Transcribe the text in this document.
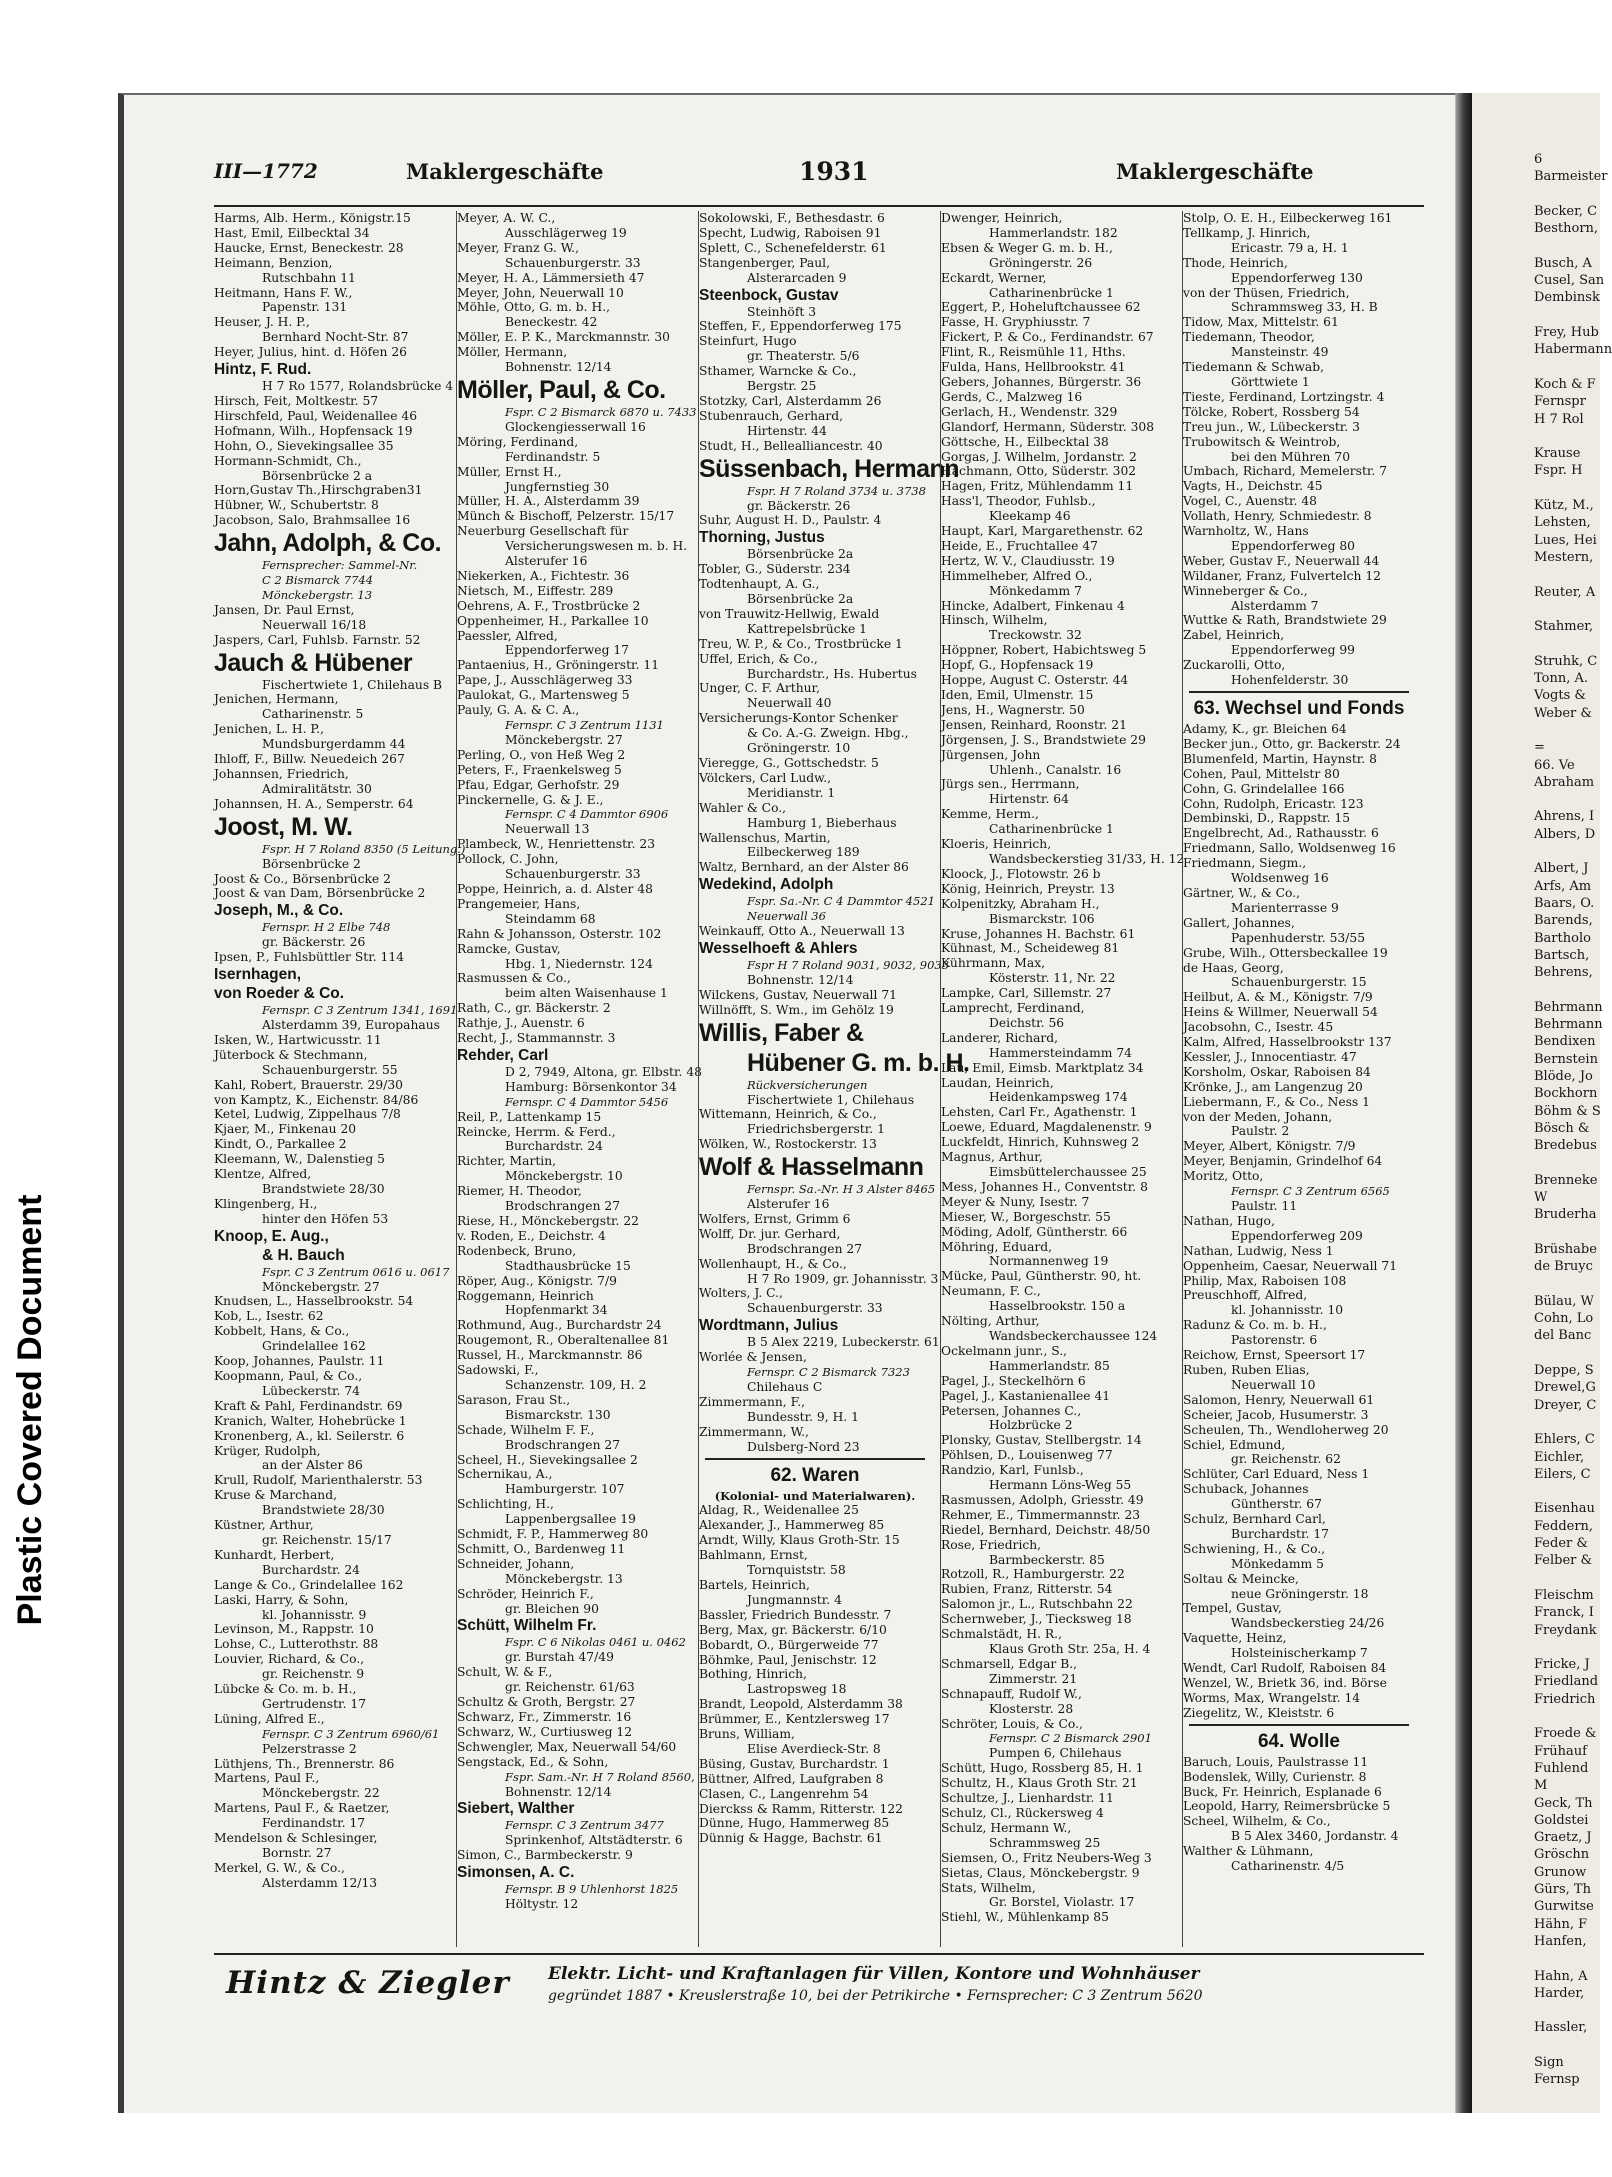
Plastic Covered Document
III—1772	Maklergeschäfte	1931	Maklergeschäfte
Harms, Alb. Herm., Königstr.15
Hast, Emil, Eilbecktal 34
Haucke, Ernst, Beneckestr. 28
Heimann, Benzion,
Rutschbahn 11
Heitmann, Hans F. W.,
Papenstr. 131
Heuser, J. H. P.,
Bernhard Nocht-Str. 87
Heyer, Julius, hint. d. Höfen 26
Hintz, F. Rud.
H 7 Ro 1577, Rolandsbrücke 4
Hirsch, Feit, Moltkestr. 57
Hirschfeld, Paul, Weidenallee 46
Hofmann, Wilh., Hopfensack 19
Hohn, O., Sievekingsallee 35
Hormann-Schmidt, Ch.,
Börsenbrücke 2 a
Horn,Gustav Th.,Hirschgraben31
Hübner, W., Schubertstr. 8
Jacobson, Salo, Brahmsallee 16
Jahn, Adolph, & Co.
Fernsprecher: Sammel-Nr.
C 2 Bismarck 7744
Mönckebergstr. 13
Jansen, Dr. Paul Ernst,
Neuerwall 16/18
Jaspers, Carl, Fuhlsb. Farnstr. 52
Jauch & Hübener
Fischertwiete 1, Chilehaus B
Jenichen, Hermann,
Catharinenstr. 5
Jenichen, L. H. P.,
Mundsburgerdamm 44
Ihloff, F., Billw. Neuedeich 267
Johannsen, Friedrich,
Admiralitätstr. 30
Johannsen, H. A., Semperstr. 64
Joost, M. W.
Fspr. H 7 Roland 8350 (5 Leitung.)
Börsenbrücke 2
Joost & Co., Börsenbrücke 2
Joost & van Dam, Börsenbrücke 2
Joseph, M., & Co.
Fernspr. H 2 Elbe 748
gr. Bäckerstr. 26
Ipsen, P., Fuhlsbüttler Str. 114
Isernhagen,
von Roeder & Co.
Fernspr. C 3 Zentrum 1341, 1691
Alsterdamm 39, Europahaus
Isken, W., Hartwicusstr. 11
Jüterbock & Stechmann,
Schauenburgerstr. 55
Kahl, Robert, Brauerstr. 29/30
von Kamptz, K., Eichenstr. 84/86
Ketel, Ludwig, Zippelhaus 7/8
Kjaer, M., Finkenau 20
Kindt, O., Parkallee 2
Kleemann, W., Dalenstieg 5
Klentze, Alfred,
Brandstwiete 28/30
Klingenberg, H.,
hinter den Höfen 53
Knoop, E. Aug.,
& H. Bauch
Fspr. C 3 Zentrum 0616 u. 0617
Mönckebergstr. 27
Knudsen, L., Hasselbrookstr. 54
Kob, L., Isestr. 62
Kobbelt, Hans, & Co.,
Grindelallee 162
Koop, Johannes, Paulstr. 11
Koopmann, Paul, & Co.,
Lübeckerstr. 74
Kraft & Pahl, Ferdinandstr. 69
Kranich, Walter, Hohebrücke 1
Kronenberg, A., kl. Seilerstr. 6
Krüger, Rudolph,
an der Alster 86
Krull, Rudolf, Marienthalerstr. 53
Kruse & Marchand,
Brandstwiete 28/30
Küstner, Arthur,
gr. Reichenstr. 15/17
Kunhardt, Herbert,
Burchardstr. 24
Lange & Co., Grindelallee 162
Laski, Harry, & Sohn,
kl. Johannisstr. 9
Levinson, M., Rappstr. 10
Lohse, C., Lutterothstr. 88
Louvier, Richard, & Co.,
gr. Reichenstr. 9
Lübcke & Co. m. b. H.,
Gertrudenstr. 17
Lüning, Alfred E.,
Fernspr. C 3 Zentrum 6960/61
Pelzerstrasse 2
Lüthjens, Th., Brennerstr. 86
Martens, Paul F.,
Mönckebergstr. 22
Martens, Paul F., & Raetzer,
Ferdinandstr. 17
Mendelson & Schlesinger,
Bornstr. 27
Merkel, G. W., & Co.,
Alsterdamm 12/13
Meyer, A. W. C.,
Ausschlägerweg 19
Meyer, Franz G. W.,
Schauenburgerstr. 33
Meyer, H. A., Lämmersieth 47
Meyer, John, Neuerwall 10
Möhle, Otto, G. m. b. H.,
Beneckestr. 42
Möller, E. P. K., Marckmannstr. 30
Möller, Hermann,
Bohnenstr. 12/14
Möller, Paul, & Co.
Fspr. C 2 Bismarck 6870 u. 7433
Glockengiesserwall 16
Möring, Ferdinand,
Ferdinandstr. 5
Müller, Ernst H.,
Jungfernstieg 30
Müller, H. A., Alsterdamm 39
Münch & Bischoff, Pelzerstr. 15/17
Neuerburg Gesellschaft für
Versicherungswesen m. b. H.
Alsterufer 16
Niekerken, A., Fichtestr. 36
Nietsch, M., Eiffestr. 289
Oehrens, A. F., Trostbrücke 2
Oppenheimer, H., Parkallee 10
Paessler, Alfred,
Eppendorferweg 17
Pantaenius, H., Gröningerstr. 11
Pape, J., Ausschlägerweg 33
Paulokat, G., Martensweg 5
Pauly, G. A. & C. A.,
Fernspr. C 3 Zentrum 1131
Mönckebergstr. 27
Perling, O., von Heß Weg 2
Peters, F., Fraenkelsweg 5
Pfau, Edgar, Gerhofstr. 29
Pinckernelle, G. & J. E.,
Fernspr. C 4 Dammtor 6906
Neuerwall 13
Plambeck, W., Henriettenstr. 23
Pollock, C. John,
Schauenburgerstr. 33
Poppe, Heinrich, a. d. Alster 48
Prangemeier, Hans,
Steindamm 68
Rahn & Johansson, Osterstr. 102
Ramcke, Gustav,
Hbg. 1, Niedernstr. 124
Rasmussen & Co.,
beim alten Waisenhause 1
Rath, C., gr. Bäckerstr. 2
Rathje, J., Auenstr. 6
Recht, J., Stammannstr. 3
Rehder, Carl
D 2, 7949, Altona, gr. Elbstr. 48
Hamburg: Börsenkontor 34
Fernspr. C 4 Dammtor 5456
Reil, P., Lattenkamp 15
Reincke, Herrm. & Ferd.,
Burchardstr. 24
Richter, Martin,
Mönckebergstr. 10
Riemer, H. Theodor,
Brodschrangen 27
Riese, H., Mönckebergstr. 22
v. Roden, E., Deichstr. 4
Rodenbeck, Bruno,
Stadthausbrücke 15
Röper, Aug., Königstr. 7/9
Roggemann, Heinrich
Hopfenmarkt 34
Rothmund, Aug., Burchardstr 24
Rougemont, R., Oberaltenallee 81
Russel, H., Marckmannstr. 86
Sadowski, F.,
Schanzenstr. 109, H. 2
Sarason, Frau St.,
Bismarckstr. 130
Schade, Wilhelm F. F.,
Brodschrangen 27
Scheel, H., Sievekingsallee 2
Schernikau, A.,
Hamburgerstr. 107
Schlichting, H.,
Lappenbergsallee 19
Schmidt, F. P., Hammerweg 80
Schmitt, O., Bardenweg 11
Schneider, Johann,
Mönckebergstr. 13
Schröder, Heinrich F.,
gr. Bleichen 90
Schütt, Wilhelm Fr.
Fspr. C 6 Nikolas 0461 u. 0462
gr. Burstah 47/49
Schult, W. & F.,
gr. Reichenstr. 61/63
Schultz & Groth, Bergstr. 27
Schwarz, Fr., Zimmerstr. 16
Schwarz, W., Curtiusweg 12
Schwengler, Max, Neuerwall 54/60
Sengstack, Ed., & Sohn,
Fspr. Sam.-Nr. H 7 Roland 8560,
Bohnenstr. 12/14
Siebert, Walther
Fernspr. C 3 Zentrum 3477
Sprinkenhof, Altstädterstr. 6
Simon, C., Barmbeckerstr. 9
Simonsen, A. C.
Fernspr. B 9 Uhlenhorst 1825
Höltystr. 12
Sokolowski, F., Bethesdastr. 6
Specht, Ludwig, Raboisen 91
Splett, C., Schenefelderstr. 61
Stangenberger, Paul,
Alsterarcaden 9
Steenbock, Gustav
Steinhöft 3
Steffen, F., Eppendorferweg 175
Steinfurt, Hugo
gr. Theaterstr. 5/6
Sthamer, Warncke & Co.,
Bergstr. 25
Stotzky, Carl, Alsterdamm 26
Stubenrauch, Gerhard,
Hirtenstr. 44
Studt, H., Bellealliancestr. 40
Süssenbach, Hermann
Fspr. H 7 Roland 3734 u. 3738
gr. Bäckerstr. 26
Suhr, August H. D., Paulstr. 4
Thorning, Justus
Börsenbrücke 2a
Tobler, G., Süderstr. 234
Todtenhaupt, A. G.,
Börsenbrücke 2a
von Trauwitz-Hellwig, Ewald
Kattrepelsbrücke 1
Treu, W. P., & Co., Trostbrücke 1
Uffel, Erich, & Co.,
Burchardstr., Hs. Hubertus
Unger, C. F. Arthur,
Neuerwall 40
Versicherungs-Kontor Schenker
& Co. A.-G. Zweign. Hbg.,
Gröningerstr. 10
Vieregge, G., Gottschedstr. 5
Völckers, Carl Ludw.,
Meridianstr. 1
Wahler & Co.,
Hamburg 1, Bieberhaus
Wallenschus, Martin,
Eilbeckerweg 189
Waltz, Bernhard, an der Alster 86
Wedekind, Adolph
Fspr. Sa.-Nr. C 4 Dammtor 4521
Neuerwall 36
Weinkauff, Otto A., Neuerwall 13
Wesselhoeft & Ahlers
Fspr H 7 Roland 9031, 9032, 9033
Bohnenstr. 12/14
Wilckens, Gustav, Neuerwall 71
Willnöfft, S. Wm., im Gehölz 19
Willis, Faber &
Hübener G. m. b. H.
Rückversicherungen
Fischertwiete 1, Chilehaus
Wittemann, Heinrich, & Co.,
Friedrichsbergerstr. 1
Wölken, W., Rostockerstr. 13
Wolf & Hasselmann
Fernspr. Sa.-Nr. H 3 Alster 8465
Alsterufer 16
Wolfers, Ernst, Grimm 6
Wolff, Dr. jur. Gerhard,
Brodschrangen 27
Wollenhaupt, H., & Co.,
H 7 Ro 1909, gr. Johannisstr. 3
Wolters, J. C.,
Schauenburgerstr. 33
Wordtmann, Julius
B 5 Alex 2219, Lubeckerstr. 61
Worlée & Jensen,
Fernspr. C 2 Bismarck 7323
Chilehaus C
Zimmermann, F.,
Bundesstr. 9, H. 1
Zimmermann, W.,
Dulsberg-Nord 23
62. Waren
(Kolonial- und Materialwaren).
Aldag, R., Weidenallee 25
Alexander, J., Hammerweg 85
Arndt, Willy, Klaus Groth-Str. 15
Bahlmann, Ernst,
Tornquiststr. 58
Bartels, Heinrich,
Jungmannstr. 4
Bassler, Friedrich Bundesstr. 7
Berg, Max, gr. Bäckerstr. 6/10
Bobardt, O., Bürgerweide 77
Böhmke, Paul, Jenischstr. 12
Bothing, Hinrich,
Lastropsweg 18
Brandt, Leopold, Alsterdamm 38
Brümmer, E., Kentzlersweg 17
Bruns, William,
Elise Averdieck-Str. 8
Büsing, Gustav, Burchardstr. 1
Büttner, Alfred, Laufgraben 8
Clasen, C., Langenrehm 54
Dierckss & Ramm, Ritterstr. 122
Dünne, Hugo, Hammerweg 85
Dünnig & Hagge, Bachstr. 61
Dwenger, Heinrich,
Hammerlandstr. 182
Ebsen & Weger G. m. b. H.,
Gröningerstr. 26
Eckardt, Werner,
Catharinenbrücke 1
Eggert, P., Hoheluftchaussee 62
Fasse, H. Gryphiusstr. 7
Fickert, P. & Co., Ferdinandstr. 67
Flint, R., Reismühle 11, Hths.
Fulda, Hans, Hellbrookstr. 41
Gebers, Johannes, Bürgerstr. 36
Gerds, C., Malzweg 16
Gerlach, H., Wendenstr. 329
Glandorf, Hermann, Süderstr. 308
Göttsche, H., Eilbecktal 38
Gorgas, J. Wilhelm, Jordanstr. 2
Hachmann, Otto, Süderstr. 302
Hagen, Fritz, Mühlendamm 11
Hass'l, Theodor, Fuhlsb.,
Kleekamp 46
Haupt, Karl, Margarethenstr. 62
Heide, E., Fruchtallee 47
Hertz, W. V., Claudiusstr. 19
Himmelheber, Alfred O.,
Mönkedamm 7
Hincke, Adalbert, Finkenau 4
Hinsch, Wilhelm,
Treckowstr. 32
Höppner, Robert, Habichtsweg 5
Hopf, G., Hopfensack 19
Hoppe, August C. Osterstr. 44
Iden, Emil, Ulmenstr. 15
Jens, H., Wagnerstr. 50
Jensen, Reinhard, Roonstr. 21
Jörgensen, J. S., Brandstwiete 29
Jürgensen, John
Uhlenh., Canalstr. 16
Jürgs sen., Herrmann,
Hirtenstr. 64
Kemme, Herm.,
Catharinenbrücke 1
Kloeris, Heinrich,
Wandsbeckerstieg 31/33, H. 12
Kloock, J., Flotowstr. 26 b
König, Heinrich, Preystr. 13
Kolpenitzky, Abraham H.,
Bismarckstr. 106
Kruse, Johannes H. Bachstr. 61
Kühnast, M., Scheideweg 81
Kührmann, Max,
Kösterstr. 11, Nr. 22
Lampke, Carl, Sillemstr. 27
Lamprecht, Ferdinand,
Deichstr. 56
Landerer, Richard,
Hammersteindamm 74
Lau, Emil, Eimsb. Marktplatz 34
Laudan, Heinrich,
Heidenkampsweg 174
Lehsten, Carl Fr., Agathenstr. 1
Loewe, Eduard, Magdalenenstr. 9
Luckfeldt, Hinrich, Kuhnsweg 2
Magnus, Arthur,
Eimsbüttelerchaussee 25
Mess, Johannes H., Conventstr. 8
Meyer & Nuny, Isestr. 7
Mieser, W., Borgeschstr. 55
Möding, Adolf, Güntherstr. 66
Möhring, Eduard,
Normannenweg 19
Mücke, Paul, Güntherstr. 90, ht.
Neumann, F. C.,
Hasselbrookstr. 150 a
Nölting, Arthur,
Wandsbeckerchaussee 124
Ockelmann junr., S.,
Hammerlandstr. 85
Pagel, J., Steckelhörn 6
Pagel, J., Kastanienallee 41
Petersen, Johannes C.,
Holzbrücke 2
Plonsky, Gustav, Stellbergstr. 14
Pöhlsen, D., Louisenweg 77
Randzio, Karl, Funlsb.,
Hermann Löns-Weg 55
Rasmussen, Adolph, Griesstr. 49
Rehmer, E., Timmermannstr. 23
Riedel, Bernhard, Deichstr. 48/50
Rose, Friedrich,
Barmbeckerstr. 85
Rotzoll, R., Hamburgerstr. 22
Rubien, Franz, Ritterstr. 54
Salomon jr., L., Rutschbahn 22
Schernweber, J., Tiecksweg 18
Schmalstädt, H. R.,
Klaus Groth Str. 25a, H. 4
Schmarsell, Edgar B.,
Zimmerstr. 21
Schnapauff, Rudolf W.,
Klosterstr. 28
Schröter, Louis, & Co.,
Fernspr. C 2 Bismarck 2901
Pumpen 6, Chilehaus
Schütt, Hugo, Rossberg 85, H. 1
Schultz, H., Klaus Groth Str. 21
Schultze, J., Lienhardstr. 11
Schulz, Cl., Rückersweg 4
Schulz, Hermann W.,
Schrammsweg 25
Siemsen, O., Fritz Neubers-Weg 3
Sietas, Claus, Mönckebergstr. 9
Stats, Wilhelm,
Gr. Borstel, Violastr. 17
Stiehl, W., Mühlenkamp 85
Stolp, O. E. H., Eilbeckerweg 161
Tellkamp, J. Hinrich,
Ericastr. 79 a, H. 1
Thode, Heinrich,
Eppendorferweg 130
von der Thüsen, Friedrich,
Schrammsweg 33, H. B
Tidow, Max, Mittelstr. 61
Tiedemann, Theodor,
Mansteinstr. 49
Tiedemann & Schwab,
Görttwiete 1
Tieste, Ferdinand, Lortzingstr. 4
Tölcke, Robert, Rossberg 54
Treu jun., W., Lübeckerstr. 3
Trubowitsch & Weintrob,
bei den Mühren 70
Umbach, Richard, Memelerstr. 7
Vagts, H., Deichstr. 45
Vogel, C., Auenstr. 48
Vollath, Henry, Schmiedestr. 8
Warnholtz, W., Hans
Eppendorferweg 80
Weber, Gustav F., Neuerwall 44
Wildaner, Franz, Fulvertelch 12
Winneberger & Co.,
Alsterdamm 7
Wuttke & Rath, Brandstwiete 29
Zabel, Heinrich,
Eppendorferweg 99
Zuckarolli, Otto,
Hohenfelderstr. 30
63. Wechsel und Fonds
Adamy, K., gr. Bleichen 64
Becker jun., Otto, gr. Backerstr. 24
Blumenfeld, Martin, Haynstr. 8
Cohen, Paul, Mittelstr 80
Cohn, G. Grindelallee 166
Cohn, Rudolph, Ericastr. 123
Dembinski, D., Rappstr. 15
Engelbrecht, Ad., Rathausstr. 6
Friedmann, Sallo, Woldsenweg 16
Friedmann, Siegm.,
Woldsenweg 16
Gärtner, W., & Co.,
Marienterrasse 9
Gallert, Johannes,
Papenhuderstr. 53/55
Grube, Wilh., Ottersbeckallee 19
de Haas, Georg,
Schauenburgerstr. 15
Heilbut, A. & M., Königstr. 7/9
Heins & Willmer, Neuerwall 54
Jacobsohn, C., Isestr. 45
Kalm, Alfred, Hasselbrookstr 137
Kessler, J., Innocentiastr. 47
Korsholm, Oskar, Raboisen 84
Krönke, J., am Langenzug 20
Liebermann, F., & Co., Ness 1
von der Meden, Johann,
Paulstr. 2
Meyer, Albert, Königstr. 7/9
Meyer, Benjamin, Grindelhof 64
Moritz, Otto,
Fernspr. C 3 Zentrum 6565
Paulstr. 11
Nathan, Hugo,
Eppendorferweg 209
Nathan, Ludwig, Ness 1
Oppenheim, Caesar, Neuerwall 71
Philip, Max, Raboisen 108
Preuschhoff, Alfred,
kl. Johannisstr. 10
Radunz & Co. m. b. H.,
Pastorenstr. 6
Reichow, Ernst, Speersort 17
Ruben, Ruben Elias,
Neuerwall 10
Salomon, Henry, Neuerwall 61
Scheier, Jacob, Husumerstr. 3
Scheulen, Th., Wendloherweg 20
Schiel, Edmund,
gr. Reichenstr. 62
Schlüter, Carl Eduard, Ness 1
Schuback, Johannes
Güntherstr. 67
Schulz, Bernhard Carl,
Burchardstr. 17
Schwiening, H., & Co.,
Mönkedamm 5
Soltau & Meincke,
neue Gröningerstr. 18
Tempel, Gustav,
Wandsbeckerstieg 24/26
Vaquette, Heinz,
Holsteinischerkamp 7
Wendt, Carl Rudolf, Raboisen 84
Wenzel, W., Brietk 36, ind. Börse
Worms, Max, Wrangelstr. 14
Ziegelitz, W., Kleiststr. 6
64. Wolle
Baruch, Louis, Paulstrasse 11
Bodenslek, Willy, Curienstr. 8
Buck, Fr. Heinrich, Esplanade 6
Leopold, Harry, Reimersbrücke 5
Scheel, Wilhelm, & Co.,
B 5 Alex 3460, Jordanstr. 4
Walther & Lühmann,
Catharinenstr. 4/5
Hintz & Ziegler Elektr. Licht- und Kraftanlagen für Villen, Kontore und Wohnhäuser
gegründet 1887 • Kreuslerstraße 10, bei der Petrikirche • Fernsprecher: C 3 Zentrum 5620
6
Barmeister
Becker, C
Besthorn,
Busch, A
Cusel, San
Dembinsk
Frey, Hub
Habermann
Koch & F
Fernspr
H 7 Rol
Krause
Fspr. H
Kütz, M.,
Lehsten,
Lues, Hei
Mestern,
Reuter, A
Stahmer,
Struhk, C
Tonn, A.
Vogts &
Weber &
=
66. Ve
Abraham
Ahrens, I
Albers, D
Albert, J
Arfs, Am
Baars, O.
Barends,
Bartholo
Bartsch,
Behrens,
Behrmann
Behrmann
Bendixen
Bernstein
Blöde, Jo
Bockhorn
Böhm & S
Bösch &
Bredebus
Brenneke
W
Bruderha
Brüshabe
de Bruyc
Bülau, W
Cohn, Lo
del Banc
Deppe, S
Drewel,G
Dreyer, C
Ehlers, C
Eichler,
Eilers, C
Eisenhau
Feddern,
Feder &
Felber &
Fleischm
Franck, I
Freydank
Fricke, J
Friedland
Friedrich
Froede &
Frühauf
Fuhlend
M
Geck, Th
Goldstei
Graetz, J
Gröschn
Grunow
Gürs, Th
Gurwitse
Hähn, F
Hanfen,
Hahn, A
Harder,
Hassler,
Sign
Fernsp
